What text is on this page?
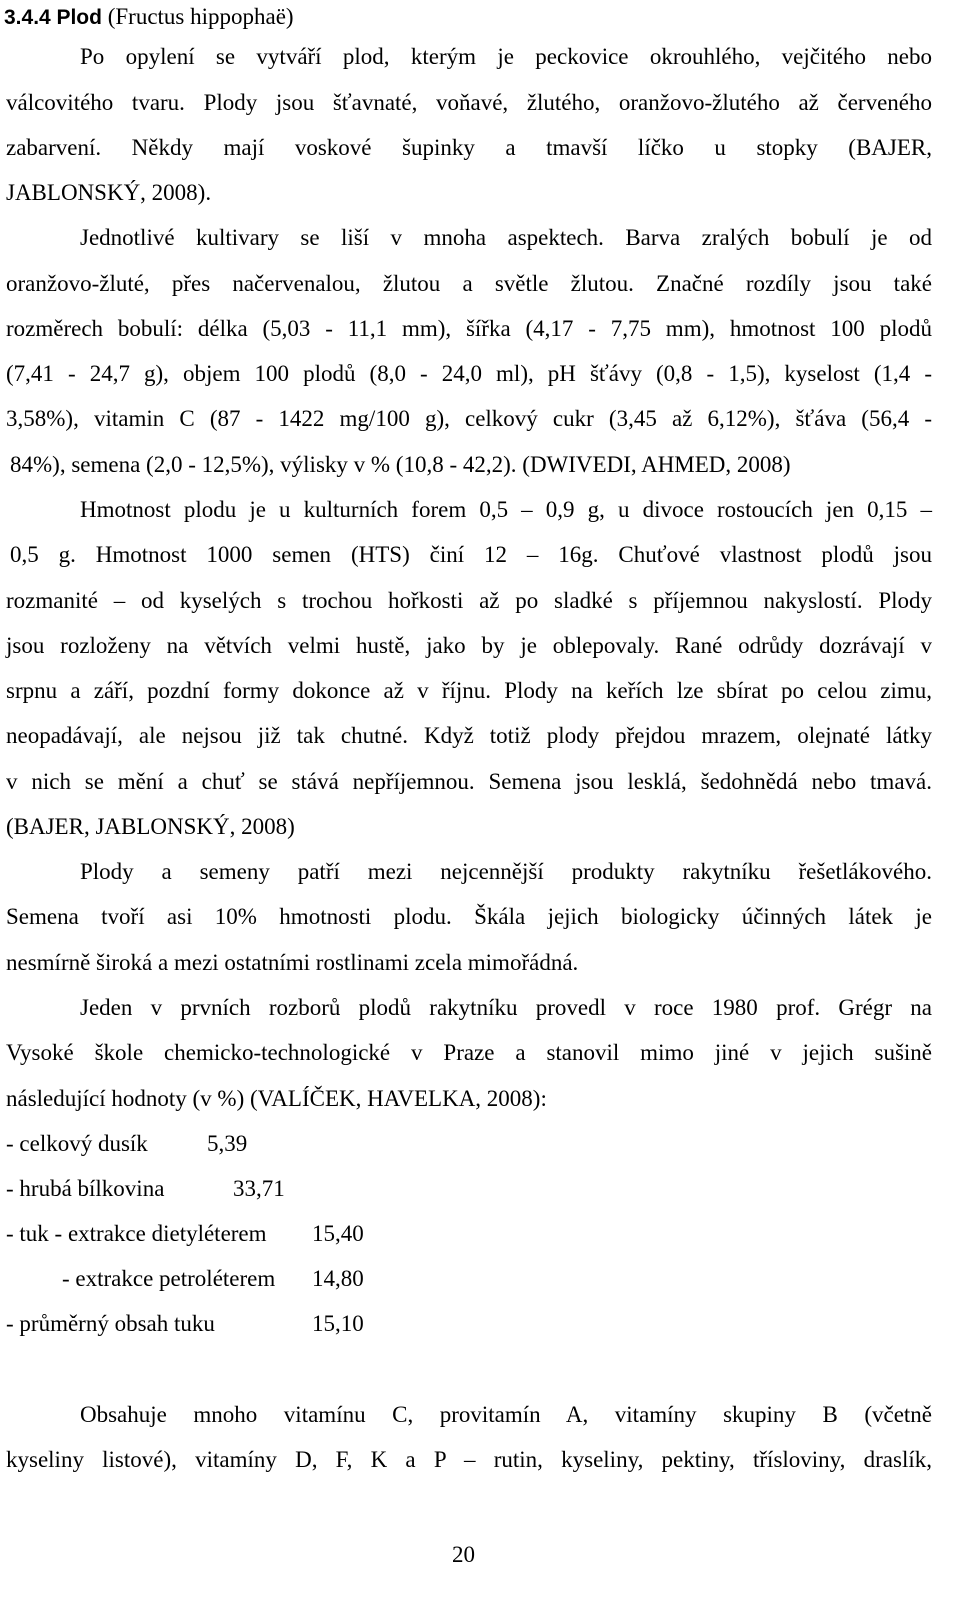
3.4.4 Plod (Fructus hippophaë)
Po opylení se vytváří plod, kterým je peckovice okrouhlého, vejčitého nebo
válcovitého tvaru. Plody jsou šťavnaté, voňavé, žlutého, oranžovo-žlutého až červeného
zabarvení. Někdy mají voskové šupinky a tmavší líčko u stopky (BAJER,
JABLONSKÝ, 2008).
Jednotlivé kultivary se liší v mnoha aspektech. Barva zralých bobulí je od
oranžovo-žluté, přes načervenalou, žlutou a světle žlutou. Značné rozdíly jsou také
rozměrech bobulí: délka (5,03 - 11,1 mm), šířka (4,17 - 7,75 mm), hmotnost 100 plodů
(7,41 - 24,7 g), objem 100 plodů (8,0 - 24,0 ml), pH šťávy (0,8 - 1,5), kyselost (1,4 -
3,58%), vitamin C (87 - 1422 mg/100 g), celkový cukr (3,45 až 6,12%), šťáva (56,4 -
84%), semena (2,0 - 12,5%), výlisky v % (10,8 - 42,2). (DWIVEDI, AHMED, 2008)
Hmotnost plodu je u kulturních forem 0,5 – 0,9 g, u divoce rostoucích jen 0,15 –
0,5 g. Hmotnost 1000 semen (HTS) činí 12 – 16g. Chuťové vlastnost plodů jsou
rozmanité – od kyselých s trochou hořkosti až po sladké s příjemnou nakyslostí. Plody
jsou rozloženy na větvích velmi hustě, jako by je oblepovaly. Rané odrůdy dozrávají v
srpnu a září, pozdní formy dokonce až v říjnu. Plody na keřích lze sbírat po celou zimu,
neopadávají, ale nejsou již tak chutné. Když totiž plody přejdou mrazem, olejnaté látky
v nich se mění a chuť se stává nepříjemnou. Semena jsou lesklá, šedohnědá nebo tmavá.
(BAJER, JABLONSKÝ, 2008)
Plody a semeny patří mezi nejcennější produkty rakytníku řešetlákového.
Semena tvoří asi 10% hmotnosti plodu. Škála jejich biologicky účinných látek je
nesmírně široká a mezi ostatními rostlinami zcela mimořádná.
Jeden v prvních rozborů plodů rakytníku provedl v roce 1980 prof. Grégr na
Vysoké škole chemicko-technologické v Praze a stanovil mimo jiné v jejich sušině
následující hodnoty (v %) (VALÍČEK, HAVELKA, 2008):
- celkový dusík	5,39
- hrubá bílkovina	33,71
- tuk - extrakce dietyléterem 15,40
- extrakce petroléterem 14,80
- průměrný obsah tuku	15,10
Obsahuje mnoho vitamínu C, provitamín A, vitamíny skupiny B (včetně
kyseliny listové), vitamíny D, F, K a P – rutin, kyseliny, pektiny, třísloviny, draslík,
20
